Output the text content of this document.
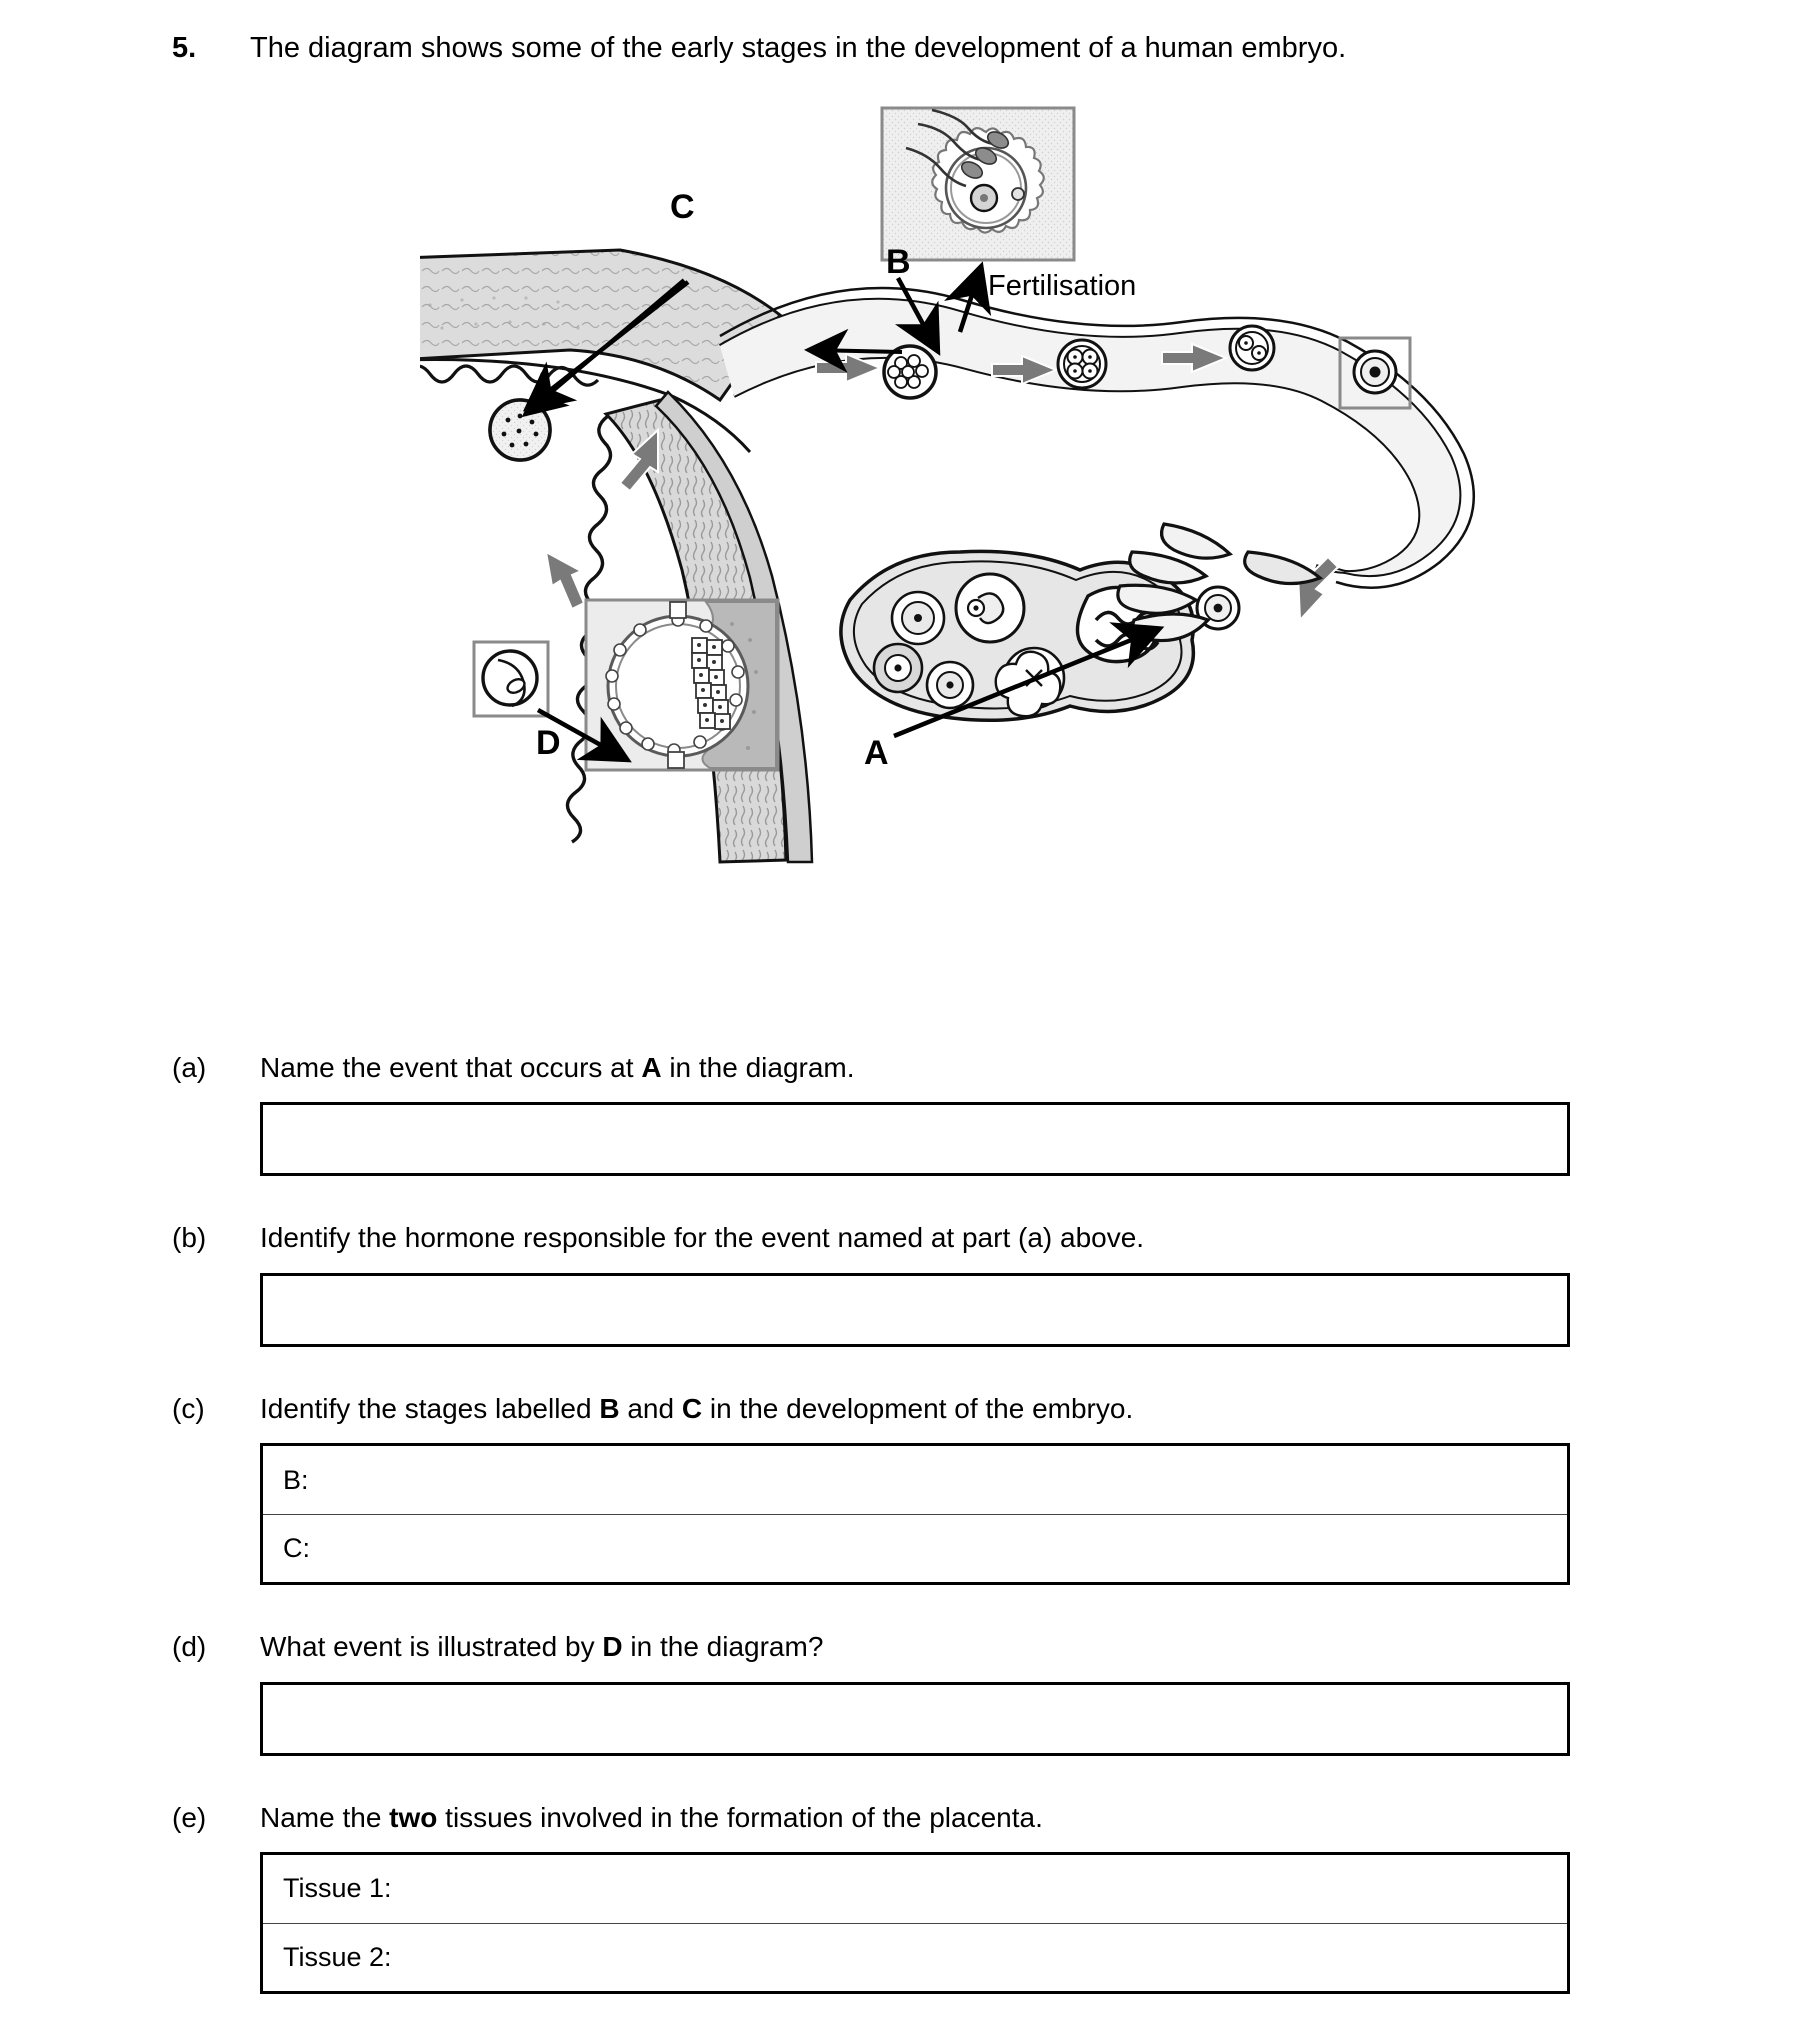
5.	The diagram shows some of the early stages in the development of a human embryo.
C
B
A
D
Fertilisation
(a)	Name the event that occurs at A in the diagram.
(b)	Identify the hormone responsible for the event named at part (a) above.
(c)	Identify the stages labelled B and C in the development of the embryo.
B:
C:
(d)	What event is illustrated by D in the diagram?
(e)	Name the two tissues involved in the formation of the placenta.
Tissue 1:
Tissue 2:
